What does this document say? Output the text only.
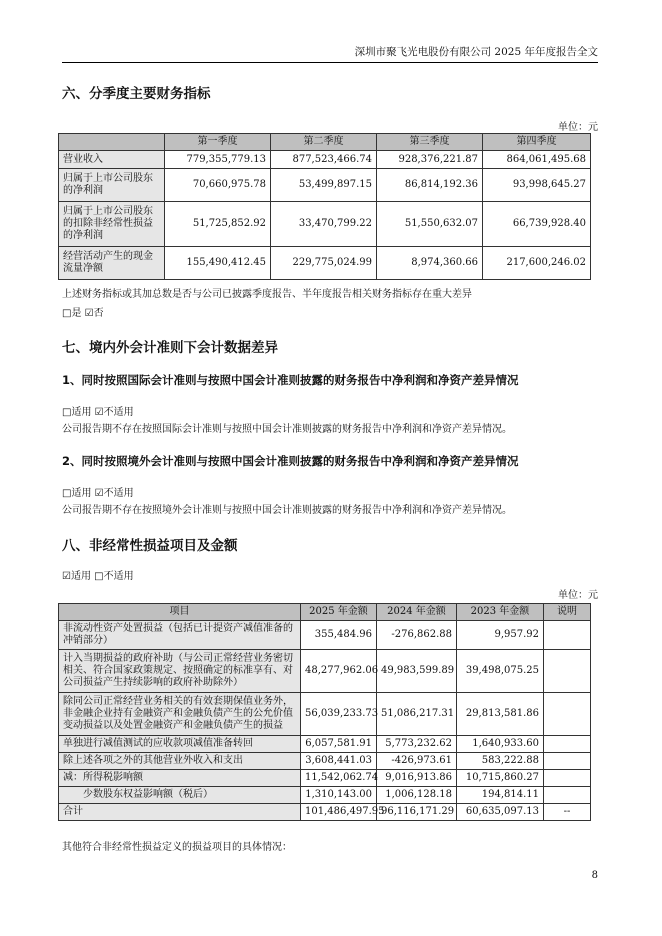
深圳市聚飞光电股份有限公司 2025 年年度报告全文
六、分季度主要财务指标
单位：元
	第一季度	第二季度	第三季度	第四季度
营业收入	779,355,779.13	877,523,466.74	928,376,221.87	864,061,495.68
归属于上市公司股东的净利润	70,660,975.78	53,499,897.15	86,814,192.36	93,998,645.27
归属于上市公司股东的扣除非经常性损益的净利润	51,725,852.92	33,470,799.22	51,550,632.07	66,739,928.40
经营活动产生的现金流量净额	155,490,412.45	229,775,024.99	8,974,360.66	217,600,246.02
上述财务指标或其加总数是否与公司已披露季度报告、半年度报告相关财务指标存在重大差异
□是 ☑否
七、境内外会计准则下会计数据差异
1、同时按照国际会计准则与按照中国会计准则披露的财务报告中净利润和净资产差异情况
□适用 ☑不适用
公司报告期不存在按照国际会计准则与按照中国会计准则披露的财务报告中净利润和净资产差异情况。
2、同时按照境外会计准则与按照中国会计准则披露的财务报告中净利润和净资产差异情况
□适用 ☑不适用
公司报告期不存在按照境外会计准则与按照中国会计准则披露的财务报告中净利润和净资产差异情况。
八、非经常性损益项目及金额
☑适用 □不适用
单位：元
项目	2025 年金额	2024 年金额	2023 年金额	说明
非流动性资产处置损益（包括已计提资产减值准备的冲销部分）	355,484.96	-276,862.88	9,957.92	
计入当期损益的政府补助（与公司正常经营业务密切相关、符合国家政策规定、按照确定的标准享有、对公司损益产生持续影响的政府补助除外）	48,277,962.06	49,983,599.89	39,498,075.25	
除同公司正常经营业务相关的有效套期保值业务外，非金融企业持有金融资产和金融负债产生的公允价值变动损益以及处置金融资产和金融负债产生的损益	56,039,233.73	51,086,217.31	29,813,581.86	
单独进行减值测试的应收款项减值准备转回	6,057,581.91	5,773,232.62	1,640,933.60	
除上述各项之外的其他营业外收入和支出	3,608,441.03	-426,973.61	583,222.88	
减：所得税影响额	11,542,062.74	9,016,913.86	10,715,860.27	
少数股东权益影响额（税后）	1,310,143.00	1,006,128.18	194,814.11	
合计	101,486,497.95	96,116,171.29	60,635,097.13	--
其他符合非经常性损益定义的损益项目的具体情况：
8
